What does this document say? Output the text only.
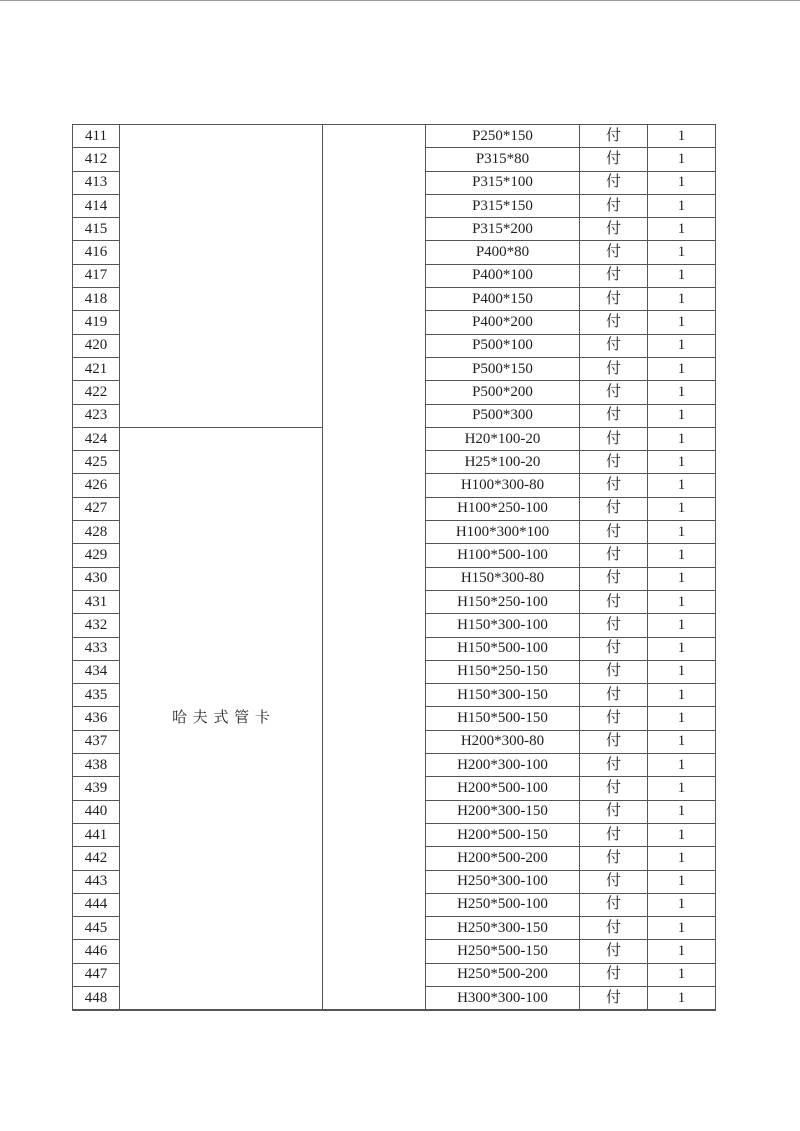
411			P250*150	付	1
412			P315*80	付	1
413			P315*100	付	1
414			P315*150	付	1
415			P315*200	付	1
416			P400*80	付	1
417			P400*100	付	1
418			P400*150	付	1
419			P400*200	付	1
420			P500*100	付	1
421			P500*150	付	1
422			P500*200	付	1
423			P500*300	付	1
424	哈夫式管卡		H20*100-20	付	1
425			H25*100-20	付	1
426			H100*300-80	付	1
427			H100*250-100	付	1
428			H100*300*100	付	1
429			H100*500-100	付	1
430			H150*300-80	付	1
431			H150*250-100	付	1
432			H150*300-100	付	1
433			H150*500-100	付	1
434			H150*250-150	付	1
435			H150*300-150	付	1
436			H150*500-150	付	1
437			H200*300-80	付	1
438			H200*300-100	付	1
439			H200*500-100	付	1
440			H200*300-150	付	1
441			H200*500-150	付	1
442			H200*500-200	付	1
443			H250*300-100	付	1
444			H250*500-100	付	1
445			H250*300-150	付	1
446			H250*500-150	付	1
447			H250*500-200	付	1
448			H300*300-100	付	1
